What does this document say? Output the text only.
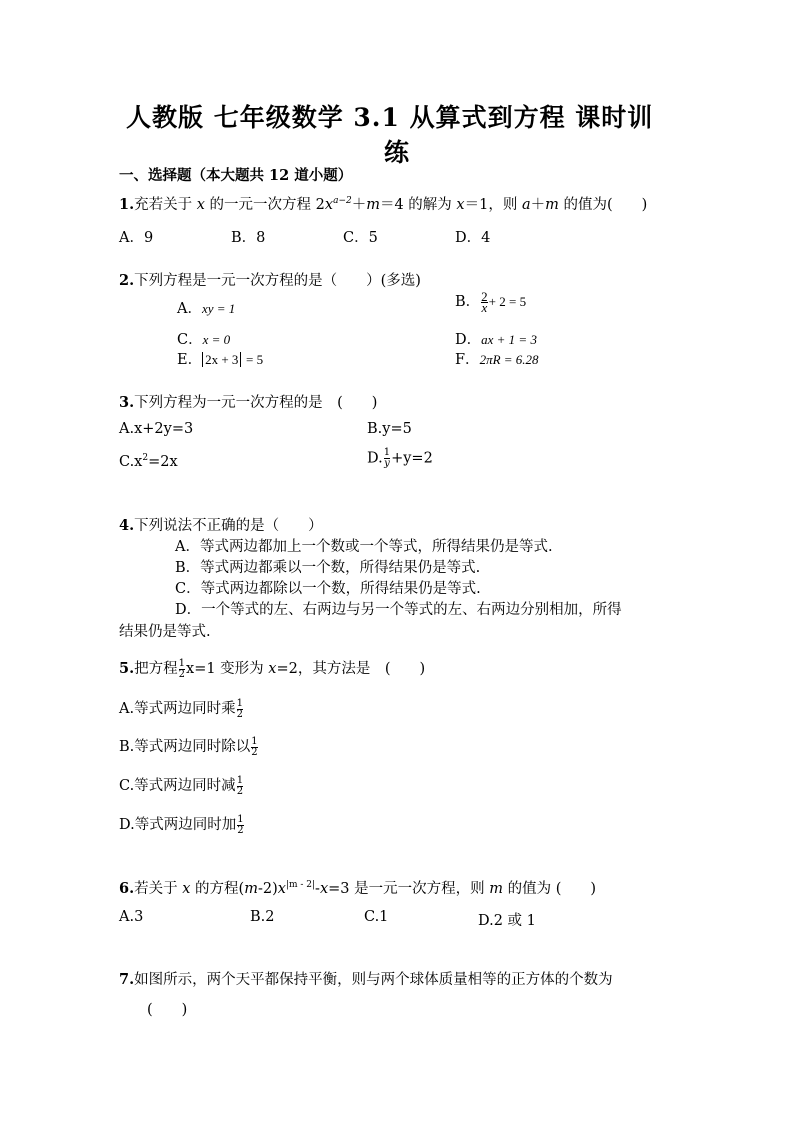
人教版 七年级数学 3.1 从算式到方程 课时训
练
一、选择题（本大题共 12 道小题）
1.充若关于 x 的一元一次方程 $2x^{a-2}+m=4$ 的解为 x＝1，则 a＋m 的值为(　　)
A．9	B．8	C．5	D．4
2.下列方程是一元一次方程的是（　　）(多选)
A．xy = 1	B． $\frac{2}{x} + 2 = 5$
C．x = 0	D．ax + 1 = 3
E． 2x + 3 = 5	F．2πR = 6.28
3.下列方程为一元一次方程的是　(　　)
A.x+2y=3	B.y=5
$C.x^2=2x$	D. $\frac{1}{y} +y=2$
4.下列说法不正确的是（　　）
A．等式两边都加上一个数或一个等式，所得结果仍是等式.
B．等式两边都乘以一个数，所得结果仍是等式.
C．等式两边都除以一个数，所得结果仍是等式.
D．一个等式的左、右两边与另一个等式的左、右两边分别相加，所得
结果仍是等式.
5.把方程 $\frac{1}{2} x=1$ 变形为 x=2，其方法是　(　　)
A.等式两边同时乘 $\frac{1}{2}$
B.等式两边同时除以 $\frac{1}{2}$
C.等式两边同时减 $\frac{1}{2}$
D.等式两边同时加 $\frac{1}{2}$
6.若关于 x 的方程$(m-2)x^{|m - 2|}-x=3$ 是一元一次方程，则 m 的值为 (　　)
A.3	B.2	C.1	D.2 或 1
7.如图所示，两个天平都保持平衡，则与两个球体质量相等的正方体的个数为
(　　)
